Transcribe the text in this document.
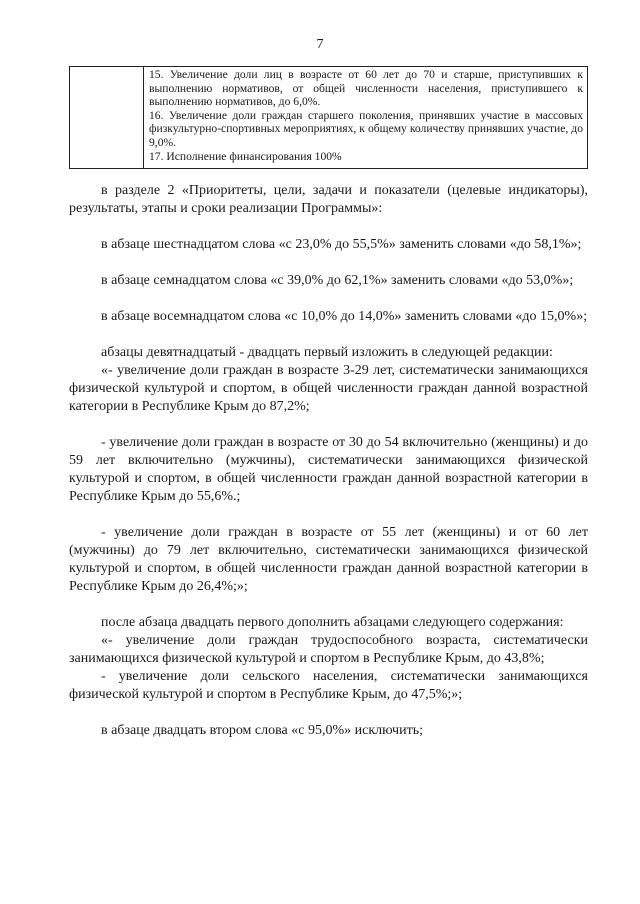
7

15. Увеличение доли лиц в возрасте от 60 лет до 70 и старше, приступивших к выполнению нормативов, от общей численности населения, приступившего к выполнению нормативов, до 6,0%.

16. Увеличение доли граждан старшего поколения, принявших участие в массовых физкультурно-спортивных мероприятиях, к общему количеству принявших участие, до 9,0%.

17. Исполнение финансирования 100%

в разделе 2 «Приоритеты, цели, задачи и показатели (целевые индикаторы), результаты, этапы и сроки реализации Программы»:

в абзаце шестнадцатом слова «с 23,0% до 55,5%» заменить словами «до 58,1%»;

в абзаце семнадцатом слова «с 39,0% до 62,1%» заменить словами «до 53,0%»;

в абзаце восемнадцатом слова «с 10,0% до 14,0%» заменить словами «до 15,0%»;

абзацы девятнадцатый - двадцать первый изложить в следующей редакции:

«- увеличение доли граждан в возрасте 3-29 лет, систематически занимающихся физической культурой и спортом, в общей численности граждан данной возрастной категории в Республике Крым до 87,2%;

- увеличение доли граждан в возрасте от 30 до 54 включительно (женщины) и до 59 лет включительно (мужчины), систематически занимающихся физической культурой и спортом, в общей численности граждан данной возрастной категории в Республике Крым до 55,6%.;

- увеличение доли граждан в возрасте от 55 лет (женщины) и от 60 лет (мужчины) до 79 лет включительно, систематически занимающихся физической культурой и спортом, в общей численности граждан данной возрастной категории в Республике Крым до 26,4%;»;

после абзаца двадцать первого дополнить абзацами следующего содержания:

«- увеличение доли граждан трудоспособного возраста, систематически занимающихся физической культурой и спортом в Республике Крым, до 43,8%;

- увеличение доли сельского населения, систематически занимающихся физической культурой и спортом в Республике Крым, до 47,5%;»;

в абзаце двадцать втором слова «с 95,0%» исключить;
